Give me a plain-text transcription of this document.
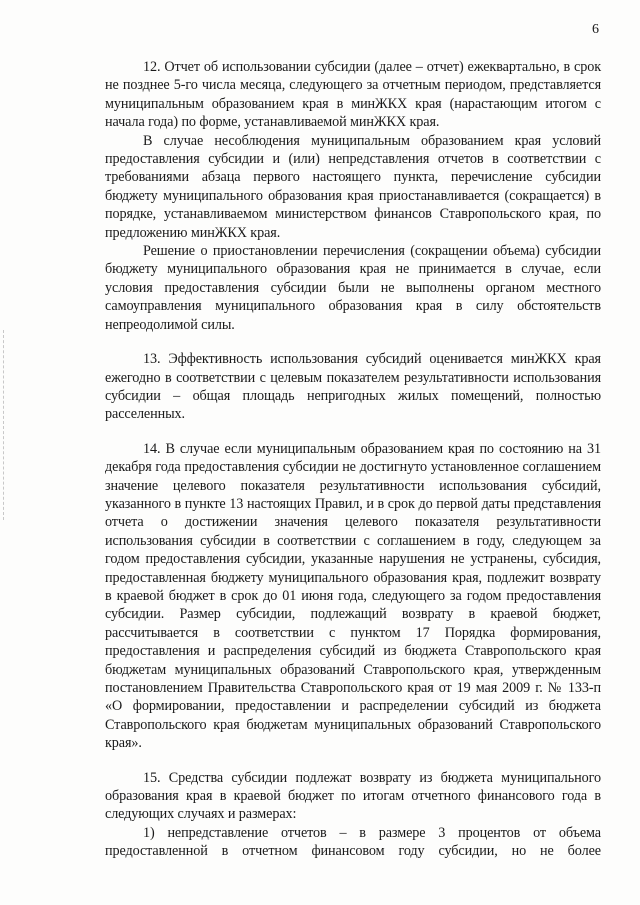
6

12. Отчет об использовании субсидии (далее – отчет) ежеквартально, в срок не позднее 5-го числа месяца, следующего за отчетным периодом, представляется муниципальным образованием края в минЖКХ края (нарастающим итогом с начала года) по форме, устанавливаемой минЖКХ края.

В случае несоблюдения муниципальным образованием края условий предоставления субсидии и (или) непредставления отчетов в соответствии с требованиями абзаца первого настоящего пункта, перечисление субсидии бюджету муниципального образования края приостанавливается (сокращается) в порядке, устанавливаемом министерством финансов Ставропольского края, по предложению минЖКХ края.

Решение о приостановлении перечисления (сокращении объема) субсидии бюджету муниципального образования края не принимается в случае, если условия предоставления субсидии были не выполнены органом местного самоуправления муниципального образования края в силу обстоятельств непреодолимой силы.

13. Эффективность использования субсидий оценивается минЖКХ края ежегодно в соответствии с целевым показателем результативности использования субсидии – общая площадь непригодных жилых помещений, полностью расселенных.

14. В случае если муниципальным образованием края по состоянию на 31 декабря года предоставления субсидии не достигнуто установленное соглашением значение целевого показателя результативности использования субсидий, указанного в пункте 13 настоящих Правил, и в срок до первой даты представления отчета о достижении значения целевого показателя результативности использования субсидии в соответствии с соглашением в году, следующем за годом предоставления субсидии, указанные нарушения не устранены, субсидия, предоставленная бюджету муниципального образования края, подлежит возврату в краевой бюджет в срок до 01 июня года, следующего за годом предоставления субсидии. Размер субсидии, подлежащий возврату в краевой бюджет, рассчитывается в соответствии с пунктом 17 Порядка формирования, предоставления и распределения субсидий из бюджета Ставропольского края бюджетам муниципальных образований Ставропольского края, утвержденным постановлением Правительства Ставропольского края от 19 мая 2009 г. № 133-п «О формировании, предоставлении и распределении субсидий из бюджета Ставропольского края бюджетам муниципальных образований Ставропольского края».

15. Средства субсидии подлежат возврату из бюджета муниципального образования края в краевой бюджет по итогам отчетного финансового года в следующих случаях и размерах:

1) непредставление отчетов – в размере 3 процентов от объема предоставленной в отчетном финансовом году субсидии, но не более
